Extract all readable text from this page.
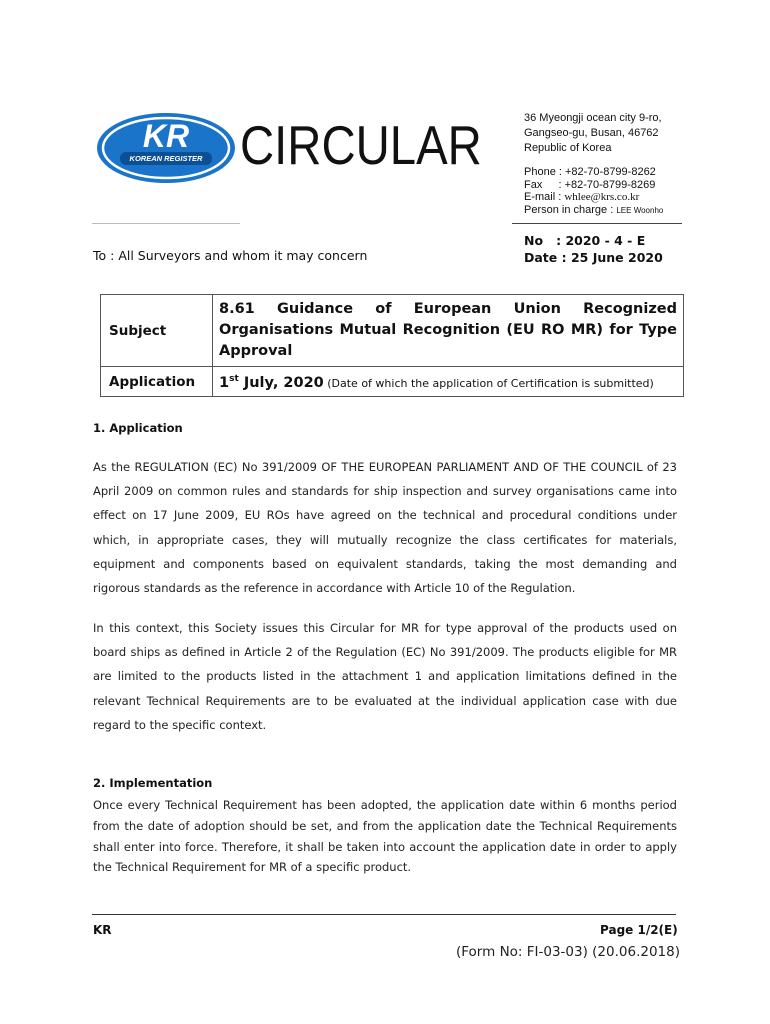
KR
KOREAN REGISTER CIRCULAR	36 Myeongji ocean city 9-ro,
Gangseo-gu, Busan, 46762
Republic of Korea
Phone : +82-70-8799-8262
Fax : +82-70-8799-8269
E-mail : whlee@krs.co.kr
Person in charge : LEE Woonho
To : All Surveyors and whom it may concern
No   : 2020 - 4 - E
Date : 25 June 2020
Subject	8.61 Guidance of European Union Recognized Organisations Mutual Recognition (EU RO MR) for Type Approval

Application	1st July, 2020 (Date of which the application of Certification is submitted)
1. Application
As the REGULATION (EC) No 391/2009 OF THE EUROPEAN PARLIAMENT AND OF THE COUNCIL of 23 April 2009 on common rules and standards for ship inspection and survey organisations came into effect on 17 June 2009, EU ROs have agreed on the technical and procedural conditions under which, in appropriate cases, they will mutually recognize the class certificates for materials, equipment and components based on equivalent standards, taking the most demanding and rigorous standards as the reference in accordance with Article 10 of the Regulation.
In this context, this Society issues this Circular for MR for type approval of the products used on board ships as defined in Article 2 of the Regulation (EC) No 391/2009. The products eligible for MR are limited to the products listed in the attachment 1 and application limitations defined in the relevant Technical Requirements are to be evaluated at the individual application case with due regard to the specific context.
2. Implementation
Once every Technical Requirement has been adopted, the application date within 6 months period from the date of adoption should be set, and from the application date the Technical Requirements shall enter into force. Therefore, it shall be taken into account the application date in order to apply the Technical Requirement for MR of a specific product.
KR	Page 1/2(E)
(Form No: FI-03-03) (20.06.2018)
